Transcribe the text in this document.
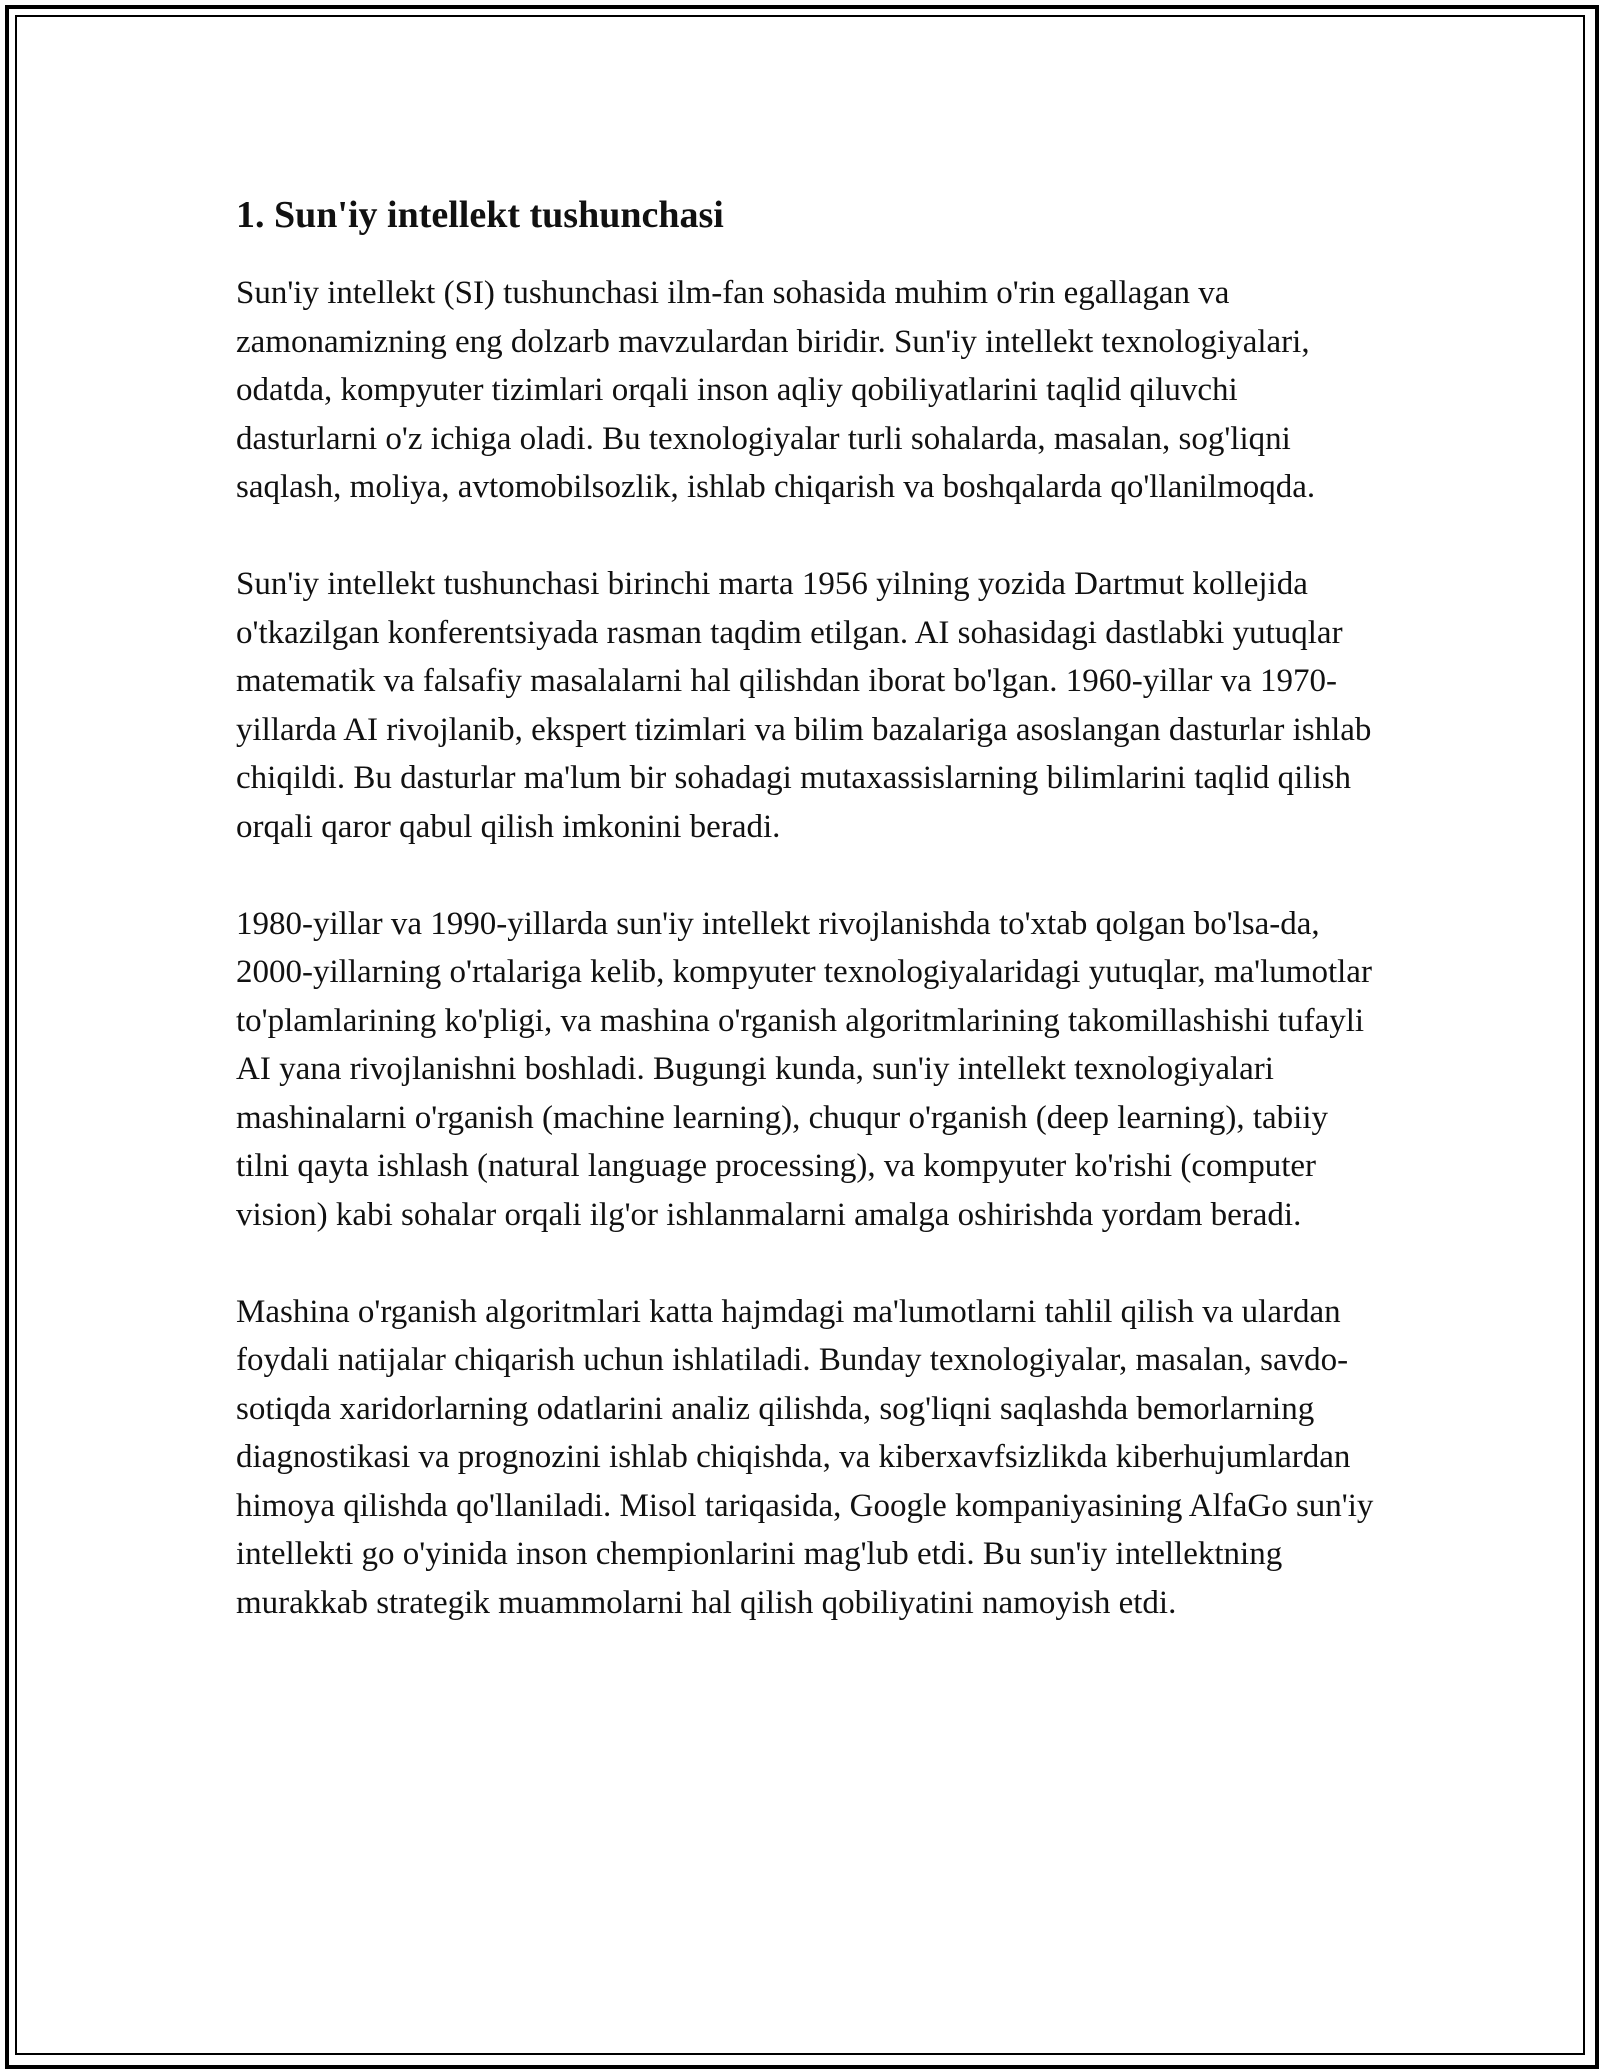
1. Sun'iy intellekt tushunchasi

Sun'iy intellekt (SI) tushunchasi ilm-fan sohasida muhim o'rin egallagan va zamonamizning eng dolzarb mavzulardan biridir. Sun'iy intellekt texnologiyalari, odatda, kompyuter tizimlari orqali inson aqliy qobiliyatlarini taqlid qiluvchi dasturlarni o'z ichiga oladi. Bu texnologiyalar turli sohalarda, masalan, sog'liqni saqlash, moliya, avtomobilsozlik, ishlab chiqarish va boshqalarda qo'llanilmoqda.

Sun'iy intellekt tushunchasi birinchi marta 1956 yilning yozida Dartmut kollejida o'tkazilgan konferentsiyada rasman taqdim etilgan. AI sohasidagi dastlabki yutuqlar matematik va falsafiy masalalarni hal qilishdan iborat bo'lgan. 1960-yillar va 1970-yillarda AI rivojlanib, ekspert tizimlari va bilim bazalariga asoslangan dasturlar ishlab chiqildi. Bu dasturlar ma'lum bir sohadagi mutaxassislarning bilimlarini taqlid qilish orqali qaror qabul qilish imkonini beradi.

1980-yillar va 1990-yillarda sun'iy intellekt rivojlanishda to'xtab qolgan bo'lsa-da, 2000-yillarning o'rtalariga kelib, kompyuter texnologiyalaridagi yutuqlar, ma'lumotlar to'plamlarining ko'pligi, va mashina o'rganish algoritmlarining takomillashishi tufayli AI yana rivojlanishni boshladi. Bugungi kunda, sun'iy intellekt texnologiyalari mashinalarni o'rganish (machine learning), chuqur o'rganish (deep learning), tabiiy tilni qayta ishlash (natural language processing), va kompyuter ko'rishi (computer vision) kabi sohalar orqali ilg'or ishlanmalarni amalga oshirishda yordam beradi.

Mashina o'rganish algoritmlari katta hajmdagi ma'lumotlarni tahlil qilish va ulardan foydali natijalar chiqarish uchun ishlatiladi. Bunday texnologiyalar, masalan, savdo-sotiqda xaridorlarning odatlarini analiz qilishda, sog'liqni saqlashda bemorlarning diagnostikasi va prognozini ishlab chiqishda, va kiberxavfsizlikda kiberhujumlardan himoya qilishda qo'llaniladi. Misol tariqasida, Google kompaniyasining AlfaGo sun'iy intellekti go o'yinida inson chempionlarini mag'lub etdi. Bu sun'iy intellektning murakkab strategik muammolarni hal qilish qobiliyatini namoyish etdi.
